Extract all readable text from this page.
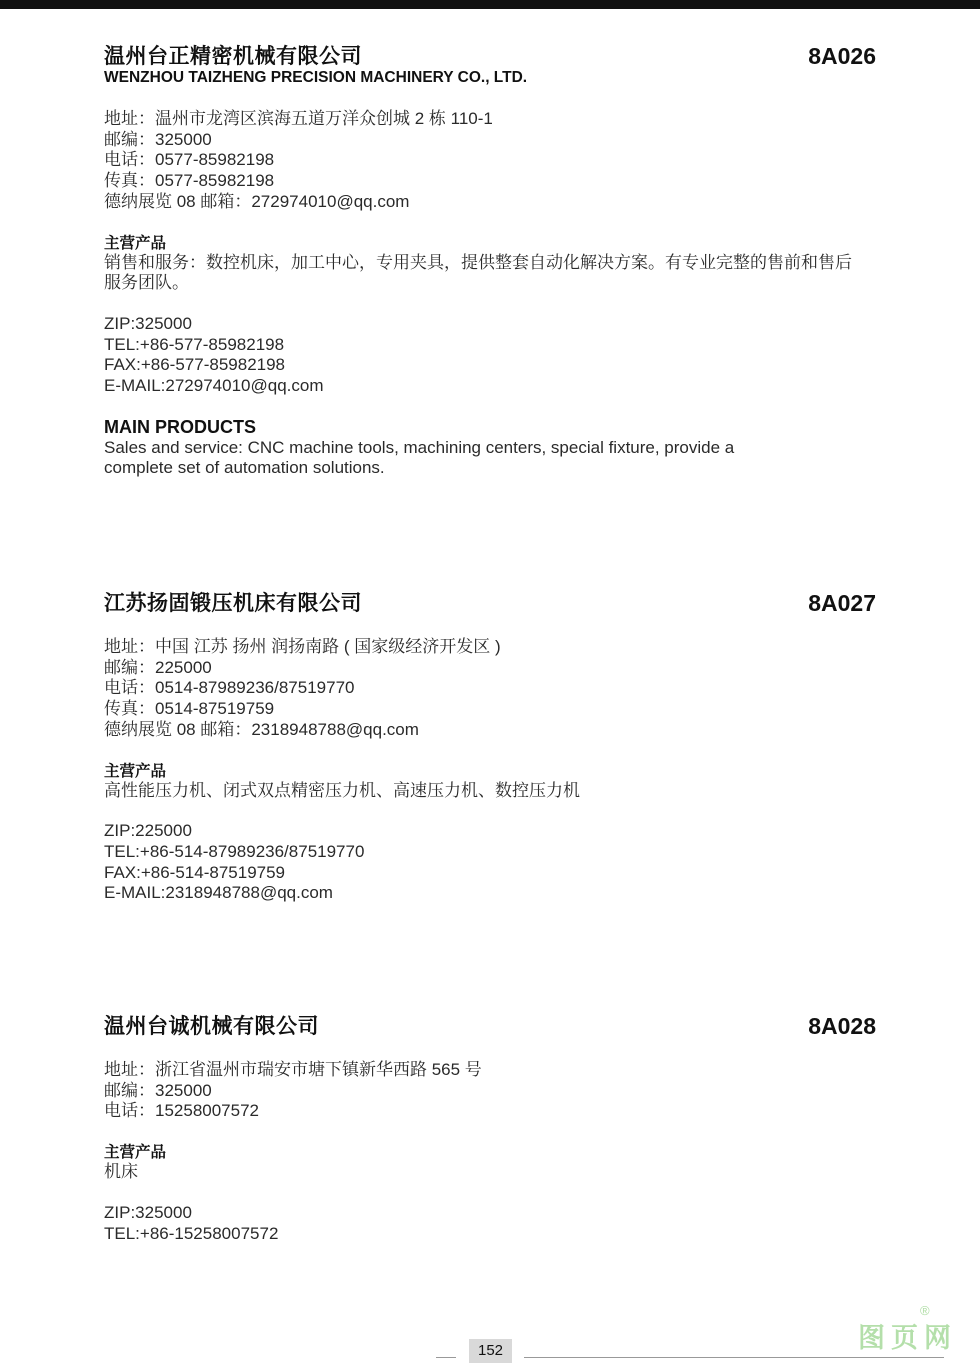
温州台正精密机械有限公司	8A026
WENZHOU TAIZHENG PRECISION MACHINERY CO., LTD.
地址：温州市龙湾区滨海五道万洋众创城 2 栋 110-1
邮编：325000
电话：0577-85982198
传真：0577-85982198
德纳展览 08 邮箱：272974010@qq.com
主营产品
销售和服务：数控机床，加工中心，专用夹具，提供整套自动化解决方案。有专业完整的售前和售后
服务团队。
ZIP:325000
TEL:+86-577-85982198
FAX:+86-577-85982198
E-MAIL:272974010@qq.com
MAIN PRODUCTS
Sales and service: CNC machine tools, machining centers, special fixture, provide a
complete set of automation solutions.
江苏扬固锻压机床有限公司	8A027
地址：中国 江苏 扬州 润扬南路 ( 国家级经济开发区 )
邮编：225000
电话：0514-87989236/87519770
传真：0514-87519759
德纳展览 08 邮箱：2318948788@qq.com
主营产品
高性能压力机、闭式双点精密压力机、高速压力机、数控压力机
ZIP:225000
TEL:+86-514-87989236/87519770
FAX:+86-514-87519759
E-MAIL:2318948788@qq.com
温州台诚机械有限公司	8A028
地址：浙江省温州市瑞安市塘下镇新华西路 565 号
邮编：325000
电话：15258007572
主营产品
机床
ZIP:325000
TEL:+86-15258007572
图页网
®
152
